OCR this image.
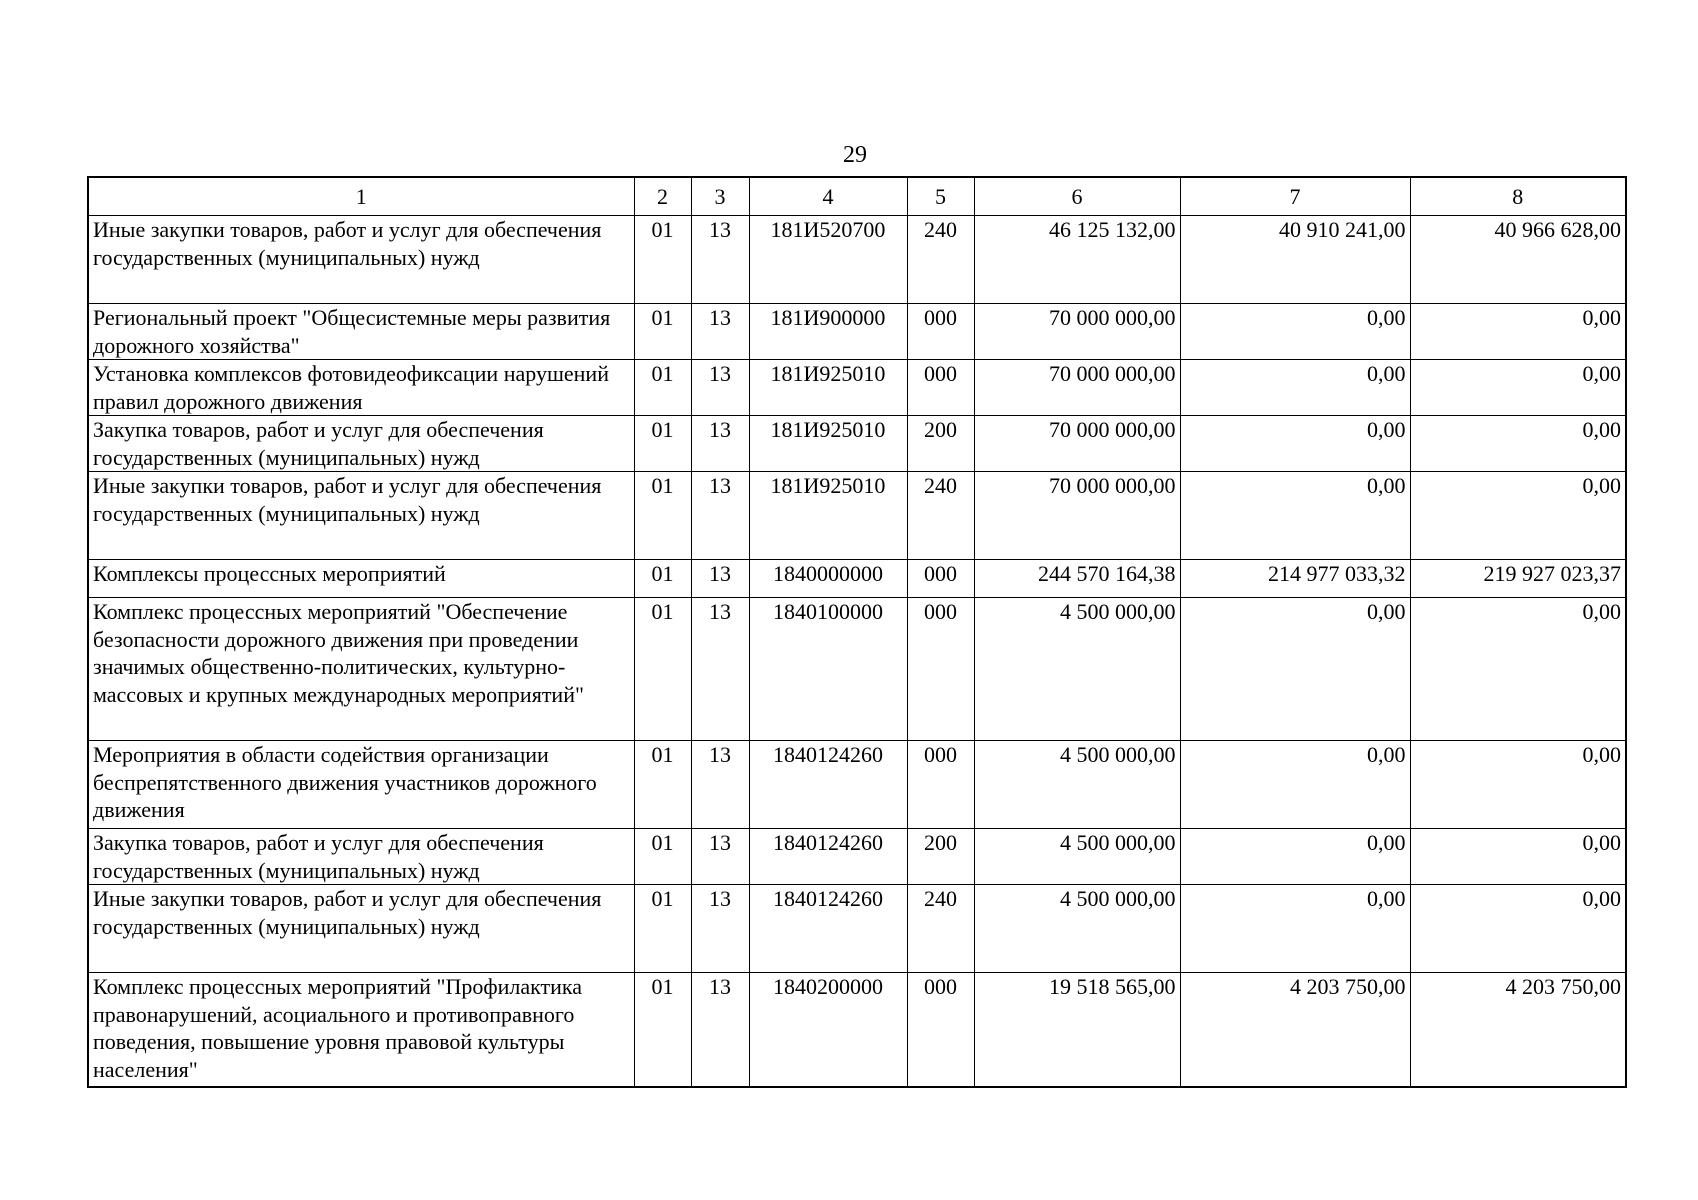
29
1	2	3	4	5	6	7	8
Иные закупки товаров, работ и услуг для обеспечения государственных (муниципальных) нужд	01	13	181И520700	240	46 125 132,00	40 910 241,00	40 966 628,00
Региональный проект "Общесистемные меры развития дорожного хозяйства"	01	13	181И900000	000	70 000 000,00	0,00	0,00
Установка комплексов фотовидеофиксации нарушений правил дорожного движения	01	13	181И925010	000	70 000 000,00	0,00	0,00
Закупка товаров, работ и услуг для обеспечения государственных (муниципальных) нужд	01	13	181И925010	200	70 000 000,00	0,00	0,00
Иные закупки товаров, работ и услуг для обеспечения государственных (муниципальных) нужд	01	13	181И925010	240	70 000 000,00	0,00	0,00
Комплексы процессных мероприятий	01	13	1840000000	000	244 570 164,38	214 977 033,32	219 927 023,37
Комплекс процессных мероприятий "Обеспечение безопасности дорожного движения при проведении значимых общественно-политических, культурно-массовых и крупных международных мероприятий"	01	13	1840100000	000	4 500 000,00	0,00	0,00
Мероприятия в области содействия организации беспрепятственного движения участников дорожного движения	01	13	1840124260	000	4 500 000,00	0,00	0,00
Закупка товаров, работ и услуг для обеспечения государственных (муниципальных) нужд	01	13	1840124260	200	4 500 000,00	0,00	0,00
Иные закупки товаров, работ и услуг для обеспечения государственных (муниципальных) нужд	01	13	1840124260	240	4 500 000,00	0,00	0,00
Комплекс процессных мероприятий "Профилактика правонарушений, асоциального и противоправного поведения, повышение уровня правовой культуры населения"	01	13	1840200000	000	19 518 565,00	4 203 750,00	4 203 750,00
